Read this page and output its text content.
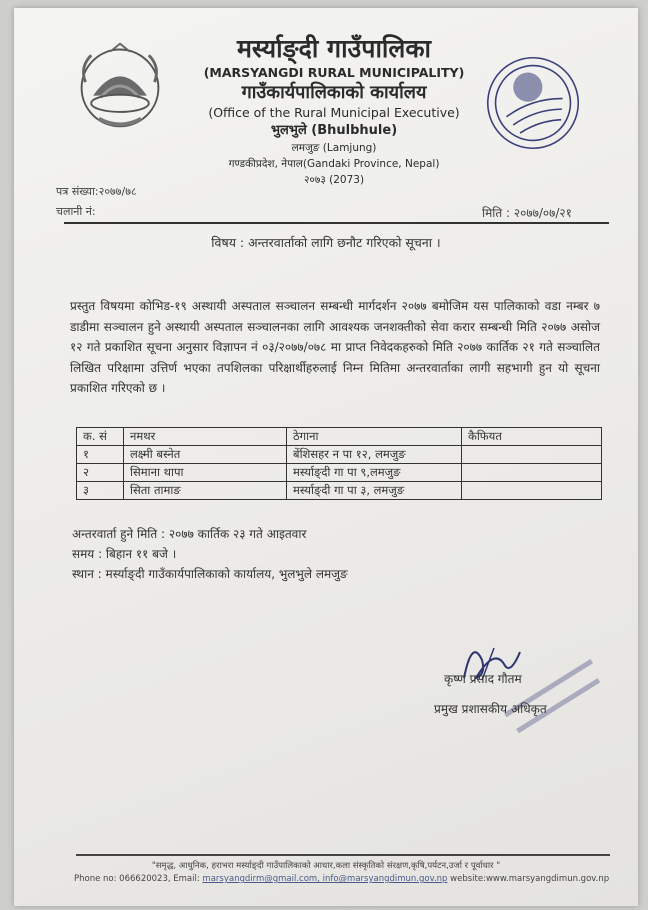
मर्स्याङ्दी गाउँपालिका
(MARSYANGDI RURAL MUNICIPALITY)
गाउँकार्यपालिकाको कार्यालय
(Office of the Rural Municipal Executive)
भुलभुले (Bhulbhule)
लमजुङ (Lamjung)
गण्डकीप्रदेश, नेपाल(Gandaki Province, Nepal)
२०७३ (2073)
पत्र संख्या:२०७७/७८
चलानी नं:	मिति : २०७७/०७/२१
विषय : अन्तरवार्ताको लागि छनौट गरिएको सूचना ।
प्रस्तुत विषयमा कोभिड-१९ अस्थायी अस्पताल सञ्चालन सम्बन्धी मार्गदर्शन २०७७ बमोजिम यस पालिकाको वडा नम्बर ७ डाडीमा सञ्चालन हुने अस्थायी अस्पताल सञ्चालनका लागि आवश्यक जनशक्तीको सेवा करार सम्बन्धी मिति २०७७ असोज १२ गते प्रकाशित सूचना अनुसार विज्ञापन नं ०३/२०७७/०७८ मा प्राप्त निवेदकहरुको मिति २०७७ कार्तिक २१ गते सञ्चालित लिखित परिक्षामा उत्तिर्ण भएका तपशिलका परिक्षार्थीहरुलाई निम्न मितिमा अन्तरवार्ताका लागी सहभागी हुन यो सूचना प्रकाशित गरिएको छ ।
क. सं	नमथर	ठेगाना	कैफियत
१	लक्ष्मी बस्नेत	बेंशिसहर न पा १२, लमजुङ	
२	सिमाना थापा	मर्स्याङ्दी गा पा ९,लमजुङ	
३	सिता तामाङ	मर्स्याङ्दी गा पा ३, लमजुङ	
अन्तरवार्ता हुने मिति : २०७७ कार्तिक २३ गते आइतवार
समय : बिहान ११ बजे ।
स्थान : मर्स्याङ्दी गाउँकार्यपालिकाको कार्यालय, भुलभुले लमजुङ
कृष्ण प्रसाद गौतम
प्रमुख प्रशासकीय अधिकृत
"समृद्ध, आधुनिक, हराभरा मर्स्याङ्दी गाउँपालिकाको आधार,कला संस्कृतिको संरक्षण,कृषि,पर्यटन,उर्जा र पूर्वाधार "
Phone no: 066620023, Email: marsyangdirm@gmail.com, info@marsyangdimun.gov.np website:www.marsyangdimun.gov.np
